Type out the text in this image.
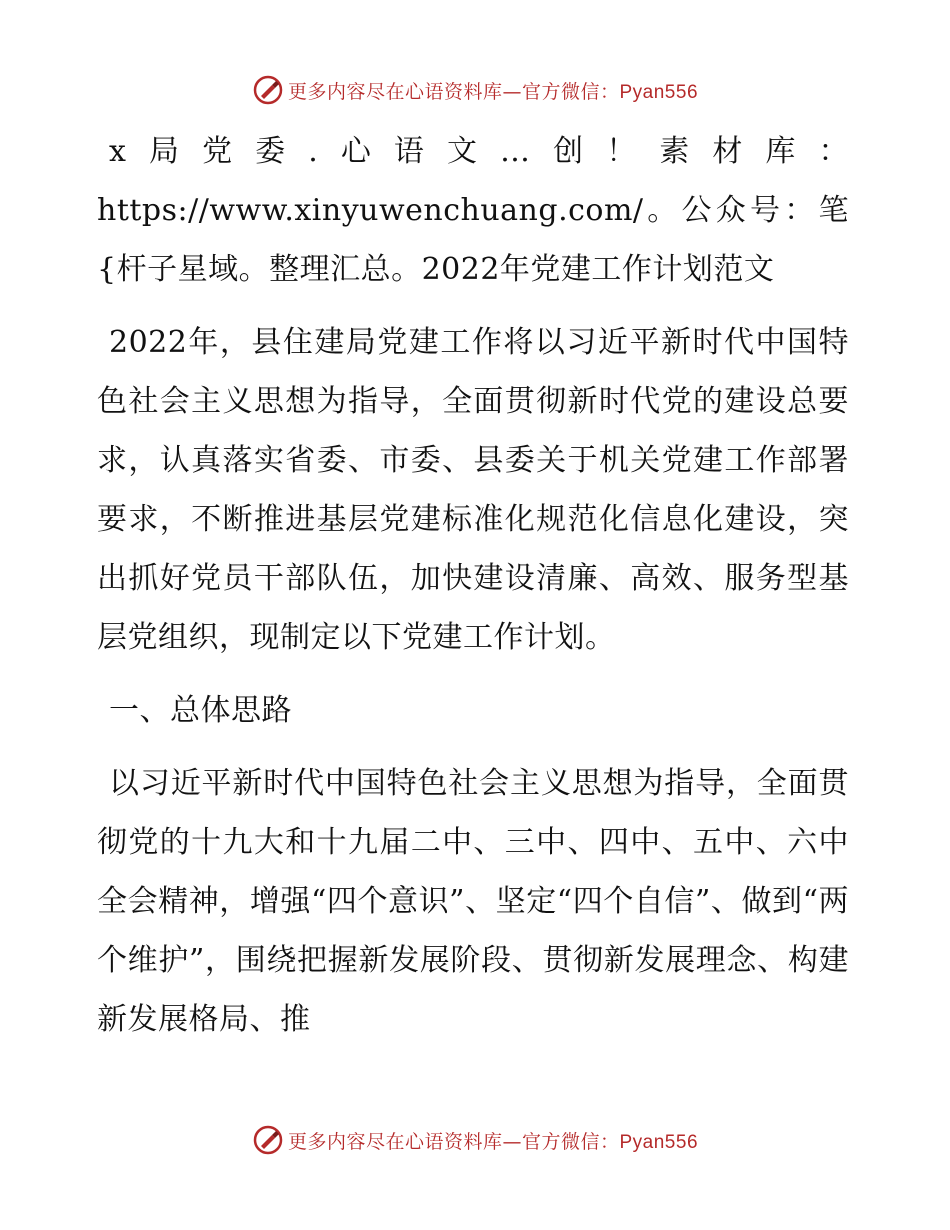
更多内容尽在心语资料库—官方微信：Pyan556

x局党委.心语文…创！素材库：https://www.xinyuwenchuang.com/。公众号：笔{杆子星域。整理汇总。2022年党建工作计划范文

2022年，县住建局党建工作将以习近平新时代中国特色社会主义思想为指导，全面贯彻新时代党的建设总要求，认真落实省委、市委、县委关于机关党建工作部署要求，不断推进基层党建标准化规范化信息化建设，突出抓好党员干部队伍，加快建设清廉、高效、服务型基层党组织，现制定以下党建工作计划。

一、总体思路

以习近平新时代中国特色社会主义思想为指导，全面贯彻党的十九大和十九届二中、三中、四中、五中、六中全会精神，增强“四个意识”、坚定“四个自信”、做到“两个维护”，围绕把握新发展阶段、贯彻新发展理念、构建新发展格局、推

更多内容尽在心语资料库—官方微信：Pyan556
